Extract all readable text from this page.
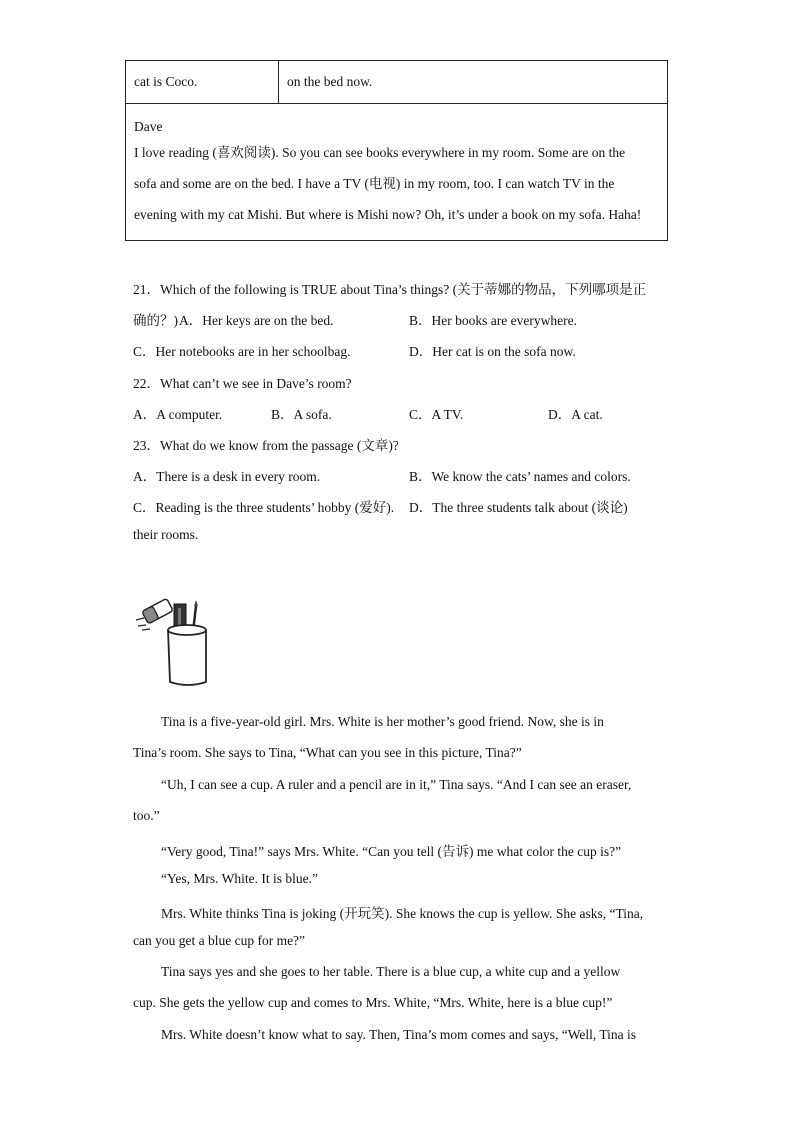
cat is Coco.	on the bed now.
Dave
I love reading (喜欢阅读). So you can see books everywhere in my room. Some are on the
sofa and some are on the bed. I have a TV (电视) in my room, too. I can watch TV in the
evening with my cat Mishi. But where is Mishi now? Oh, it’s under a book on my sofa. Haha!
21．Which of the following is TRUE about Tina’s things? (关于蒂娜的物品，下列哪项是正
确的？) A．Her keys are on the bed.	B．Her books are everywhere.
C．Her notebooks are in her schoolbag.	D．Her cat is on the sofa now.
22．What can’t we see in Dave’s room?
A．A computer.	B．A sofa.	C．A TV.	D．A cat.
23．What do we know from the passage (文章)?
A．There is a desk in every room.	B．We know the cats’ names and colors.
C．Reading is the three students’ hobby (爱好). D．The three students talk about (谈论)
their rooms.
Tina is a five-year-old girl. Mrs. White is her mother’s good friend. Now, she is in
Tina’s room. She says to Tina, “What can you see in this picture, Tina?”
“Uh, I can see a cup. A ruler and a pencil are in it,” Tina says. “And I can see an eraser,
too.”
“Very good, Tina!” says Mrs. White. “Can you tell (告诉) me what color the cup is?”
“Yes, Mrs. White. It is blue.”
Mrs. White thinks Tina is joking (开玩笑). She knows the cup is yellow. She asks, “Tina,
can you get a blue cup for me?”
Tina says yes and she goes to her table. There is a blue cup, a white cup and a yellow
cup. She gets the yellow cup and comes to Mrs. White, “Mrs. White, here is a blue cup!”
Mrs. White doesn’t know what to say. Then, Tina’s mom comes and says, “Well, Tina is
